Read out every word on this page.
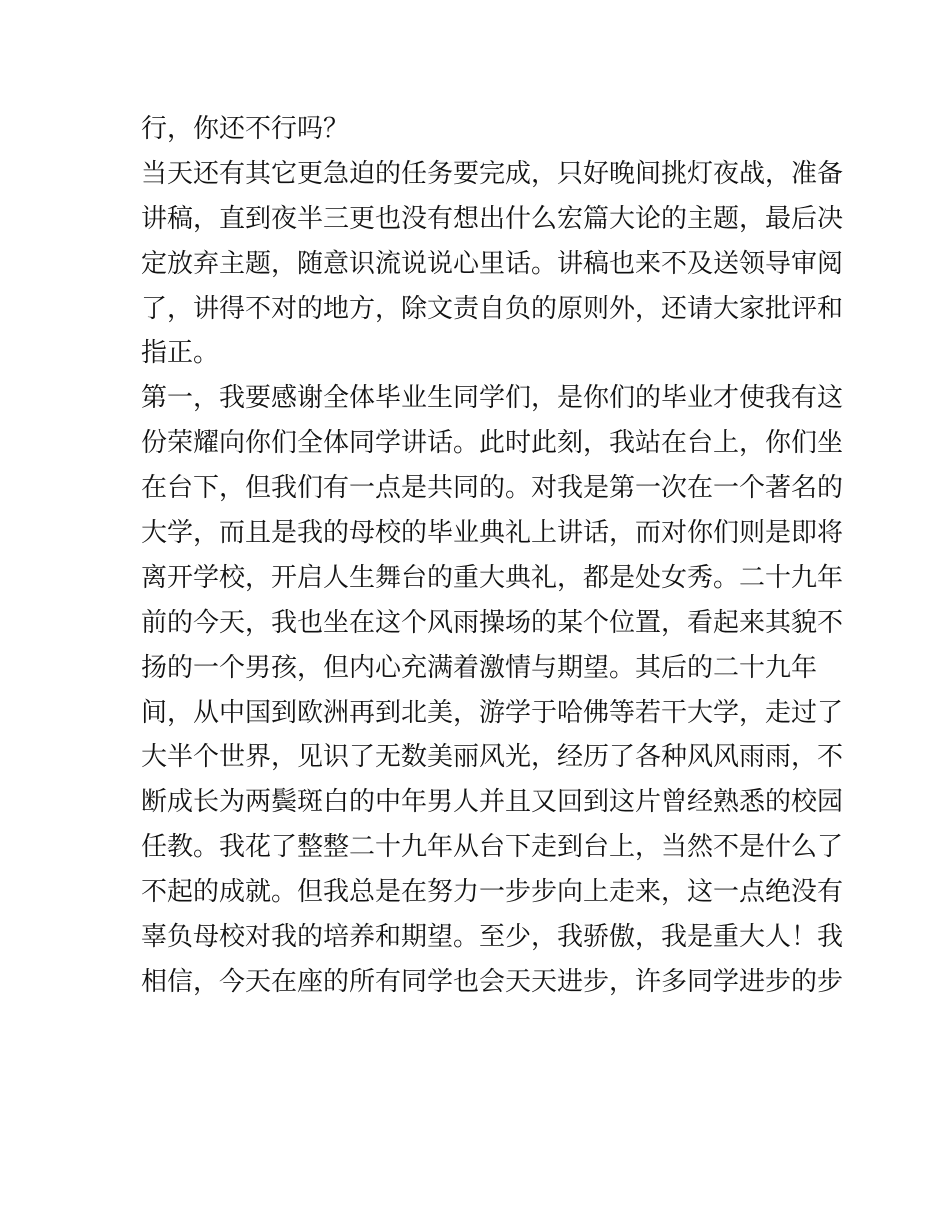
行，你还不行吗？
当天还有其它更急迫的任务要完成，只好晚间挑灯夜战，准备
讲稿，直到夜半三更也没有想出什么宏篇大论的主题，最后决
定放弃主题，随意识流说说心里话。讲稿也来不及送领导审阅
了，讲得不对的地方，除文责自负的原则外，还请大家批评和
指正。
第一，我要感谢全体毕业生同学们，是你们的毕业才使我有这
份荣耀向你们全体同学讲话。此时此刻，我站在台上，你们坐
在台下，但我们有一点是共同的。对我是第一次在一个著名的
大学，而且是我的母校的毕业典礼上讲话，而对你们则是即将
离开学校，开启人生舞台的重大典礼，都是处女秀。二十九年
前的今天，我也坐在这个风雨操场的某个位置，看起来其貌不
扬的一个男孩，但内心充满着激情与期望。其后的二十九年
间，从中国到欧洲再到北美，游学于哈佛等若干大学，走过了
大半个世界，见识了无数美丽风光，经历了各种风风雨雨，不
断成长为两鬓斑白的中年男人并且又回到这片曾经熟悉的校园
任教。我花了整整二十九年从台下走到台上，当然不是什么了
不起的成就。但我总是在努力一步步向上走来，这一点绝没有
辜负母校对我的培养和期望。至少，我骄傲，我是重大人！我
相信，今天在座的所有同学也会天天进步，许多同学进步的步
